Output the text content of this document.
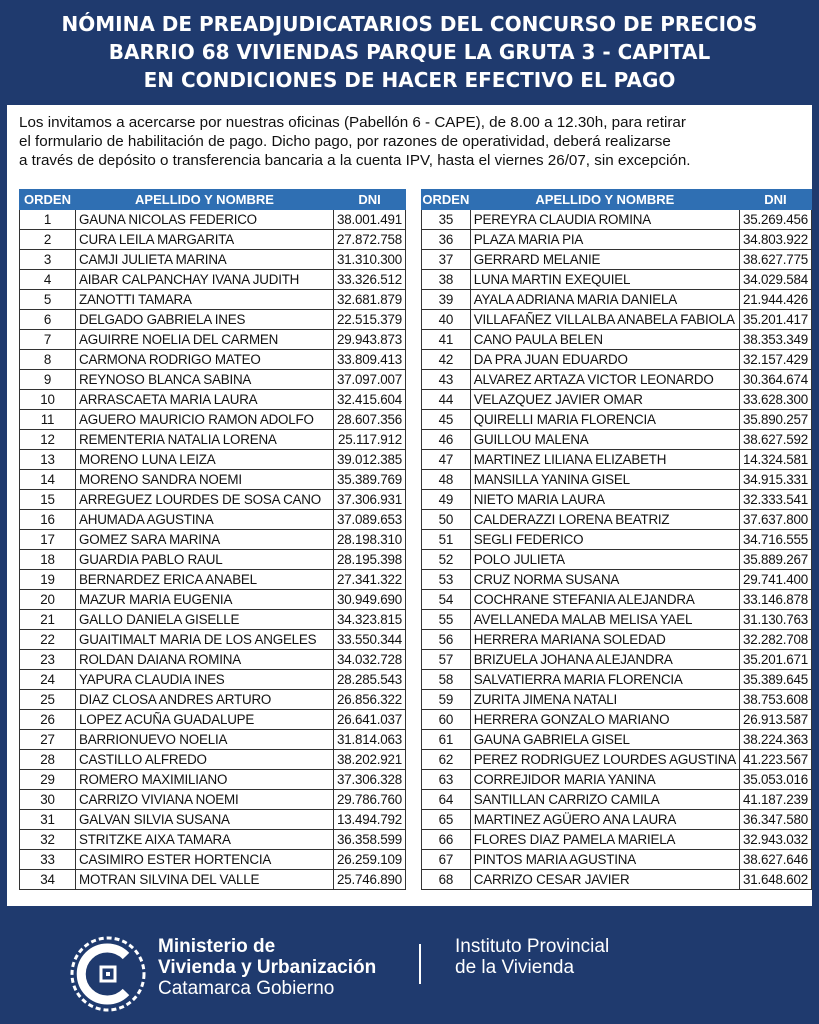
NÓMINA DE PREADJUDICATARIOS DEL CONCURSO DE PRECIOS
BARRIO 68 VIVIENDAS PARQUE LA GRUTA 3 - CAPITAL
EN CONDICIONES DE HACER EFECTIVO EL PAGO
Los invitamos a acercarse por nuestras oficinas (Pabellón 6 - CAPE), de 8.00 a 12.30h, para retirar
el formulario de habilitación de pago. Dicho pago, por razones de operatividad, deberá realizarse
a través de depósito o transferencia bancaria a la cuenta IPV, hasta el viernes 26/07, sin excepción.
ORDEN	APELLIDO Y NOMBRE	DNI
1	GAUNA NICOLAS FEDERICO	38.001.491
2	CURA LEILA MARGARITA	27.872.758
3	CAMJI JULIETA MARINA	31.310.300
4	AIBAR CALPANCHAY IVANA JUDITH	33.326.512
5	ZANOTTI TAMARA	32.681.879
6	DELGADO GABRIELA INES	22.515.379
7	AGUIRRE NOELIA DEL CARMEN	29.943.873
8	CARMONA RODRIGO MATEO	33.809.413
9	REYNOSO BLANCA SABINA	37.097.007
10	ARRASCAETA MARIA LAURA	32.415.604
11	AGUERO MAURICIO RAMON ADOLFO	28.607.356
12	REMENTERIA NATALIA LORENA	25.117.912
13	MORENO LUNA LEIZA	39.012.385
14	MORENO SANDRA NOEMI	35.389.769
15	ARREGUEZ LOURDES DE SOSA CANO	37.306.931
16	AHUMADA AGUSTINA	37.089.653
17	GOMEZ SARA MARINA	28.198.310
18	GUARDIA PABLO RAUL	28.195.398
19	BERNARDEZ ERICA ANABEL	27.341.322
20	MAZUR MARIA EUGENIA	30.949.690
21	GALLO DANIELA GISELLE	34.323.815
22	GUAITIMALT MARIA DE LOS ANGELES	33.550.344
23	ROLDAN DAIANA ROMINA	34.032.728
24	YAPURA CLAUDIA INES	28.285.543
25	DIAZ CLOSA ANDRES ARTURO	26.856.322
26	LOPEZ ACUÑA GUADALUPE	26.641.037
27	BARRIONUEVO NOELIA	31.814.063
28	CASTILLO ALFREDO	38.202.921
29	ROMERO MAXIMILIANO	37.306.328
30	CARRIZO VIVIANA NOEMI	29.786.760
31	GALVAN SILVIA SUSANA	13.494.792
32	STRITZKE AIXA TAMARA	36.358.599
33	CASIMIRO ESTER HORTENCIA	26.259.109
34	MOTRAN SILVINA DEL VALLE	25.746.890
ORDEN	APELLIDO Y NOMBRE	DNI
35	PEREYRA CLAUDIA ROMINA	35.269.456
36	PLAZA MARIA PIA	34.803.922
37	GERRARD MELANIE	38.627.775
38	LUNA MARTIN EXEQUIEL	34.029.584
39	AYALA ADRIANA MARIA DANIELA	21.944.426
40	VILLAFAÑEZ VILLALBA ANABELA FABIOLA	35.201.417
41	CANO PAULA BELEN	38.353.349
42	DA PRA JUAN EDUARDO	32.157.429
43	ALVAREZ ARTAZA VICTOR LEONARDO	30.364.674
44	VELAZQUEZ JAVIER OMAR	33.628.300
45	QUIRELLI MARIA FLORENCIA	35.890.257
46	GUILLOU MALENA	38.627.592
47	MARTINEZ LILIANA ELIZABETH	14.324.581
48	MANSILLA YANINA GISEL	34.915.331
49	NIETO MARIA LAURA	32.333.541
50	CALDERAZZI LORENA BEATRIZ	37.637.800
51	SEGLI FEDERICO	34.716.555
52	POLO JULIETA	35.889.267
53	CRUZ NORMA SUSANA	29.741.400
54	COCHRANE STEFANIA ALEJANDRA	33.146.878
55	AVELLANEDA MALAB MELISA YAEL	31.130.763
56	HERRERA MARIANA SOLEDAD	32.282.708
57	BRIZUELA JOHANA ALEJANDRA	35.201.671
58	SALVATIERRA MARIA FLORENCIA	35.389.645
59	ZURITA JIMENA NATALI	38.753.608
60	HERRERA GONZALO MARIANO	26.913.587
61	GAUNA GABRIELA GISEL	38.224.363
62	PEREZ RODRIGUEZ LOURDES AGUSTINA	41.223.567
63	CORREJIDOR MARIA YANINA	35.053.016
64	SANTILLAN CARRIZO CAMILA	41.187.239
65	MARTINEZ AGÜERO ANA LAURA	36.347.580
66	FLORES DIAZ PAMELA MARIELA	32.943.032
67	PINTOS MARIA AGUSTINA	38.627.646
68	CARRIZO CESAR JAVIER	31.648.602
Ministerio de
Vivienda y Urbanización
Catamarca Gobierno
Instituto Provincial
de la Vivienda
